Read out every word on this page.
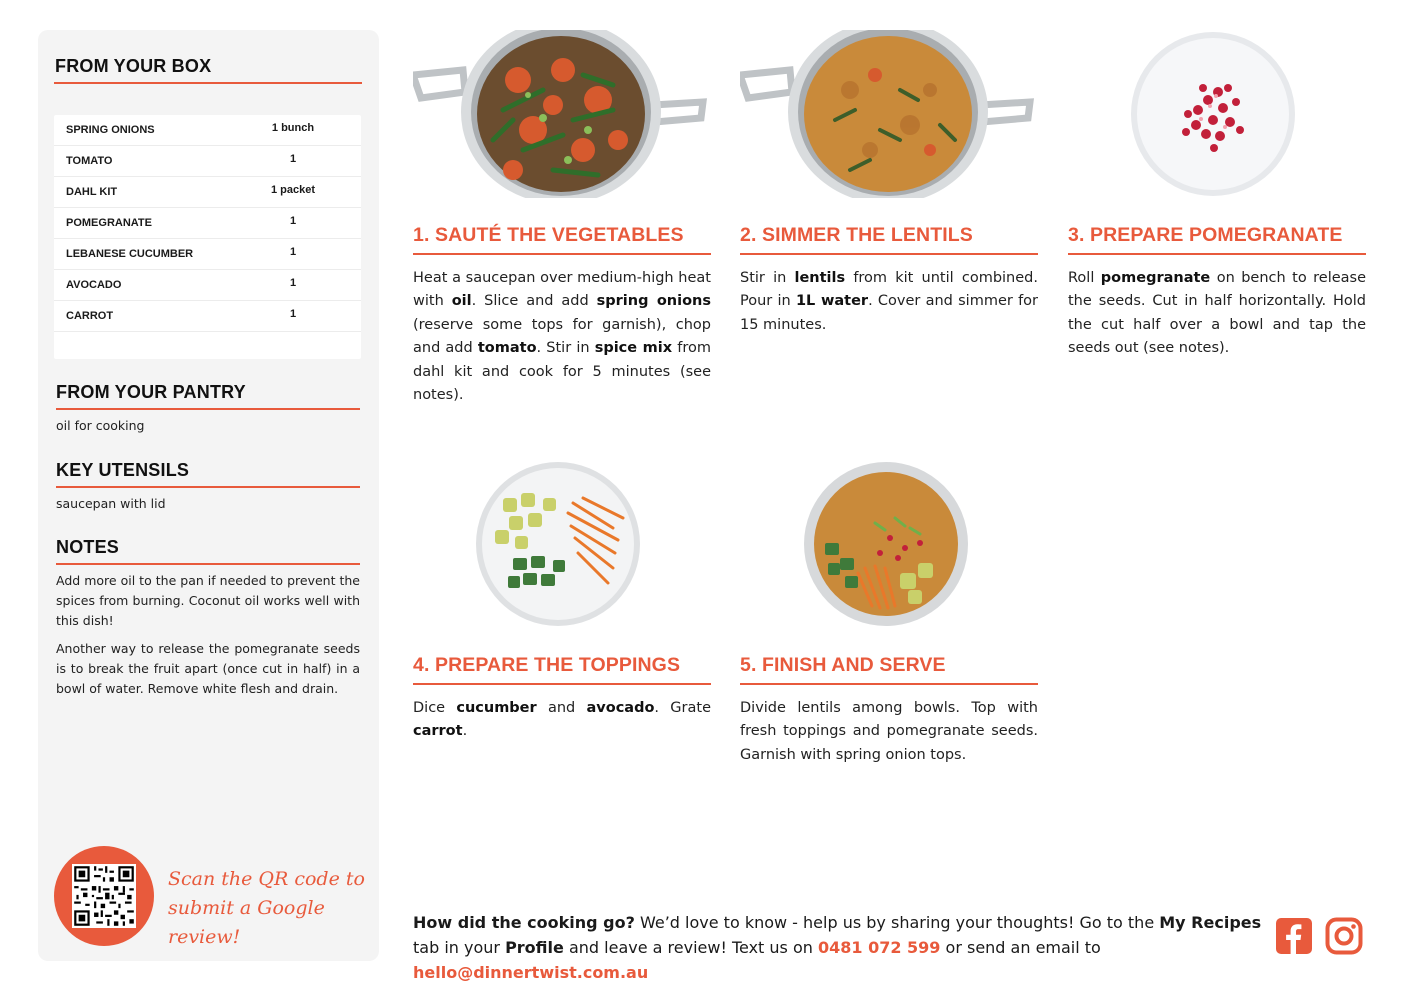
FROM YOUR BOX
SPRING ONIONS	1 bunch
TOMATO	1
DAHL KIT	1 packet
POMEGRANATE	1
LEBANESE CUCUMBER	1
AVOCADO	1
CARROT	1
FROM YOUR PANTRY
oil for cooking
KEY UTENSILS
saucepan with lid
NOTES
Add more oil to the pan if needed to prevent the spices from burning. Coconut oil works well with this dish!
Another way to release the pomegranate seeds is to break the fruit apart (once cut in half) in a bowl of water. Remove white flesh and drain.
Scan the QR code to
submit a Google review!
1. SAUTÉ THE VEGETABLES
Heat a saucepan over medium-high heat with oil. Slice and add spring onions (reserve some tops for garnish), chop and add tomato. Stir in spice mix from dahl kit and cook for 5 minutes (see notes).
2. SIMMER THE LENTILS
Stir in lentils from kit until combined. Pour in 1L water. Cover and simmer for 15 minutes.
3. PREPARE POMEGRANATE
Roll pomegranate on bench to release the seeds. Cut in half horizontally. Hold the cut half over a bowl and tap the seeds out (see notes).
4. PREPARE THE TOPPINGS
Dice cucumber and avocado. Grate carrot.
5. FINISH AND SERVE
Divide lentils among bowls. Top with fresh toppings and pomegranate seeds. Garnish with spring onion tops.
How did the cooking go? We’d love to know - help us by sharing your thoughts! Go to the My Recipes tab in your Profile and leave a review! Text us on 0481 072 599 or send an email to hello@dinnertwist.com.au
